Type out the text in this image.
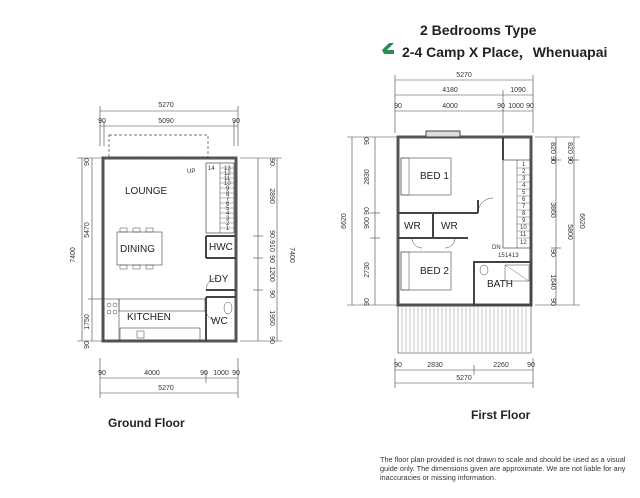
2 Bedrooms Type
2-4 Camp X Place，Whenuapai
5270
90	5090	90
LOUNGE
UP
DINING	HWC
LDY
KITCHEN	WC
1
2
3
4
5
6
7
8
9
10
11
12
13
14
7400
90
5470
1750
90
7400
90
2890
90
910
90
1200
90
1950
90
90	4000	90 1000 90
5270
5270
4180	1090
90	4000	90 1000 90
BED 1
WR WR
BED 2
BATH
DN
1
2
3
4
5
6
7
8
9
10
11
12
13
14
15
6620
90
2830
90
900
2730
90
820
90
3860
90
1640
90
820
90
5800
6620
90	2830	2260	90
5270
Ground Floor
First Floor
The floor plan provided is not drawn to scale and should be used as a visual guide only. The dimensions given are approximate. We are not liable for any inaccuracies or missing information.
